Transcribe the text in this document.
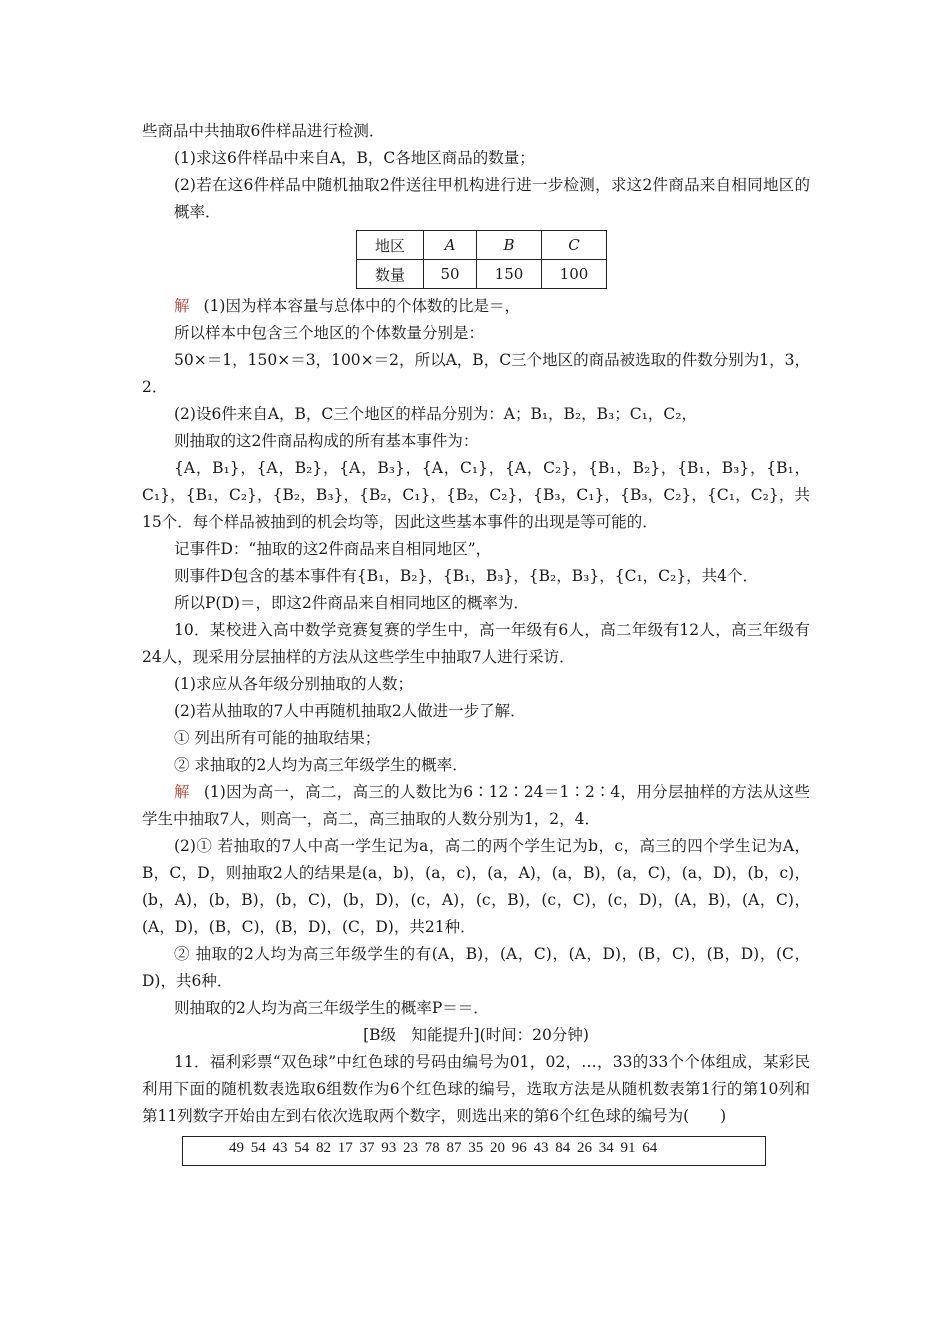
些商品中共抽取6件样品进行检测．

(1)求这6件样品中来自A，B，C各地区商品的数量；

(2)若在这6件样品中随机抽取2件送往甲机构进行进一步检测，求这2件商品来自相同地区的概率．

地区	A	B	C
数量	50	150	100

解 (1)因为样本容量与总体中的个体数的比是＝，

所以样本中包含三个地区的个体数量分别是：

50×＝1，150×＝3，100×＝2，所以A，B，C三个地区的商品被选取的件数分别为1，3，2．

(2)设6件来自A，B，C三个地区的样品分别为：A；B₁，B₂，B₃；C₁，C₂，

则抽取的这2件商品构成的所有基本事件为：

{A，B₁}，{A，B₂}，{A，B₃}，{A，C₁}，{A，C₂}，{B₁，B₂}，{B₁，B₃}，{B₁，C₁}，{B₁，C₂}，{B₂，B₃}，{B₂，C₁}，{B₂，C₂}，{B₃，C₁}，{B₃，C₂}，{C₁，C₂}，共15个．每个样品被抽到的机会均等，因此这些基本事件的出现是等可能的．

记事件D：“抽取的这2件商品来自相同地区”，

则事件D包含的基本事件有{B₁，B₂}，{B₁，B₃}，{B₂，B₃}，{C₁，C₂}，共4个．

所以P(D)＝，即这2件商品来自相同地区的概率为．

10．某校进入高中数学竞赛复赛的学生中，高一年级有6人，高二年级有12人，高三年级有24人，现采用分层抽样的方法从这些学生中抽取7人进行采访．

(1)求应从各年级分别抽取的人数；

(2)若从抽取的7人中再随机抽取2人做进一步了解．

① 列出所有可能的抽取结果；

② 求抽取的2人均为高三年级学生的概率．

解 (1)因为高一，高二，高三的人数比为6∶12∶24＝1∶2∶4，用分层抽样的方法从这些学生中抽取7人，则高一，高二，高三抽取的人数分别为1，2，4．

(2)① 若抽取的7人中高一学生记为a，高二的两个学生记为b，c，高三的四个学生记为A，B，C，D，则抽取2人的结果是(a，b)，(a，c)，(a，A)，(a，B)，(a，C)，(a，D)，(b，c)，(b，A)，(b，B)，(b，C)，(b，D)，(c，A)，(c，B)，(c，C)，(c，D)，(A，B)，(A，C)，(A，D)，(B，C)，(B，D)，(C，D)，共21种．

② 抽取的2人均为高三年级学生的有(A，B)，(A，C)，(A，D)，(B，C)，(B，D)，(C，D)，共6种．

则抽取的2人均为高三年级学生的概率P＝＝．

[B级　知能提升](时间：20分钟)

11．福利彩票“双色球”中红色球的号码由编号为01，02，…，33的33个个体组成，某彩民利用下面的随机数表选取6组数作为6个红色球的编号，选取方法是从随机数表第1行的第10列和第11列数字开始由左到右依次选取两个数字，则选出来的第6个红色球的编号为(　　)

49 54 43 54 82 17 37 93 23 78 87 35 20 96 43 84 26 34 91 64
